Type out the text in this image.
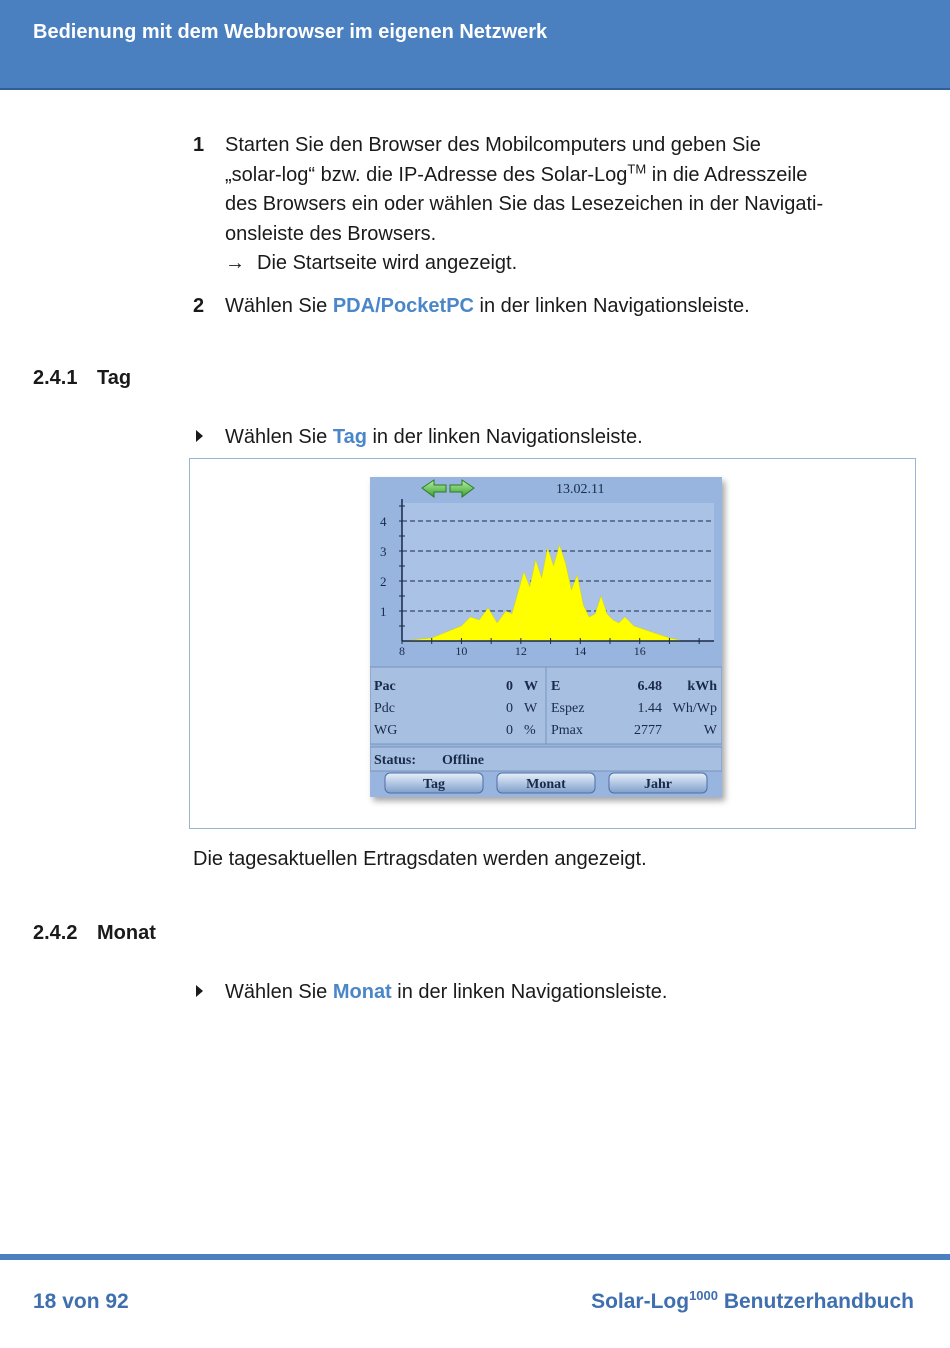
Bedienung mit dem Webbrowser im eigenen Netzwerk
1 Starten Sie den Browser des Mobilcomputers und geben Sie
„solar-log“ bzw. die IP-Adresse des Solar-Log™ in die Adresszeile
des Browsers ein oder wählen Sie das Lesezeichen in der Navigati-
onsleiste des Browsers.
→ Die Startseite wird angezeigt.
2 Wählen Sie PDA/PocketPC in der linken Navigationsleiste.
2.4.1 Tag
Wählen Sie Tag in der linken Navigationsleiste.
13.02.11
1
2
3
4
8	10	12	14	16
Pac	0 W
Pdc	0 W
WG	0 %
E	6.48 kWh
Espez	1.44 Wh/Wp
Pmax	2777	W
Status: Offline
Tag	Monat	Jahr
Die tagesaktuellen Ertragsdaten werden angezeigt.
2.4.2 Monat
Wählen Sie Monat in der linken Navigationsleiste.
18 von 92	Solar-Log$^{1000}$ Benutzerhandbuch
